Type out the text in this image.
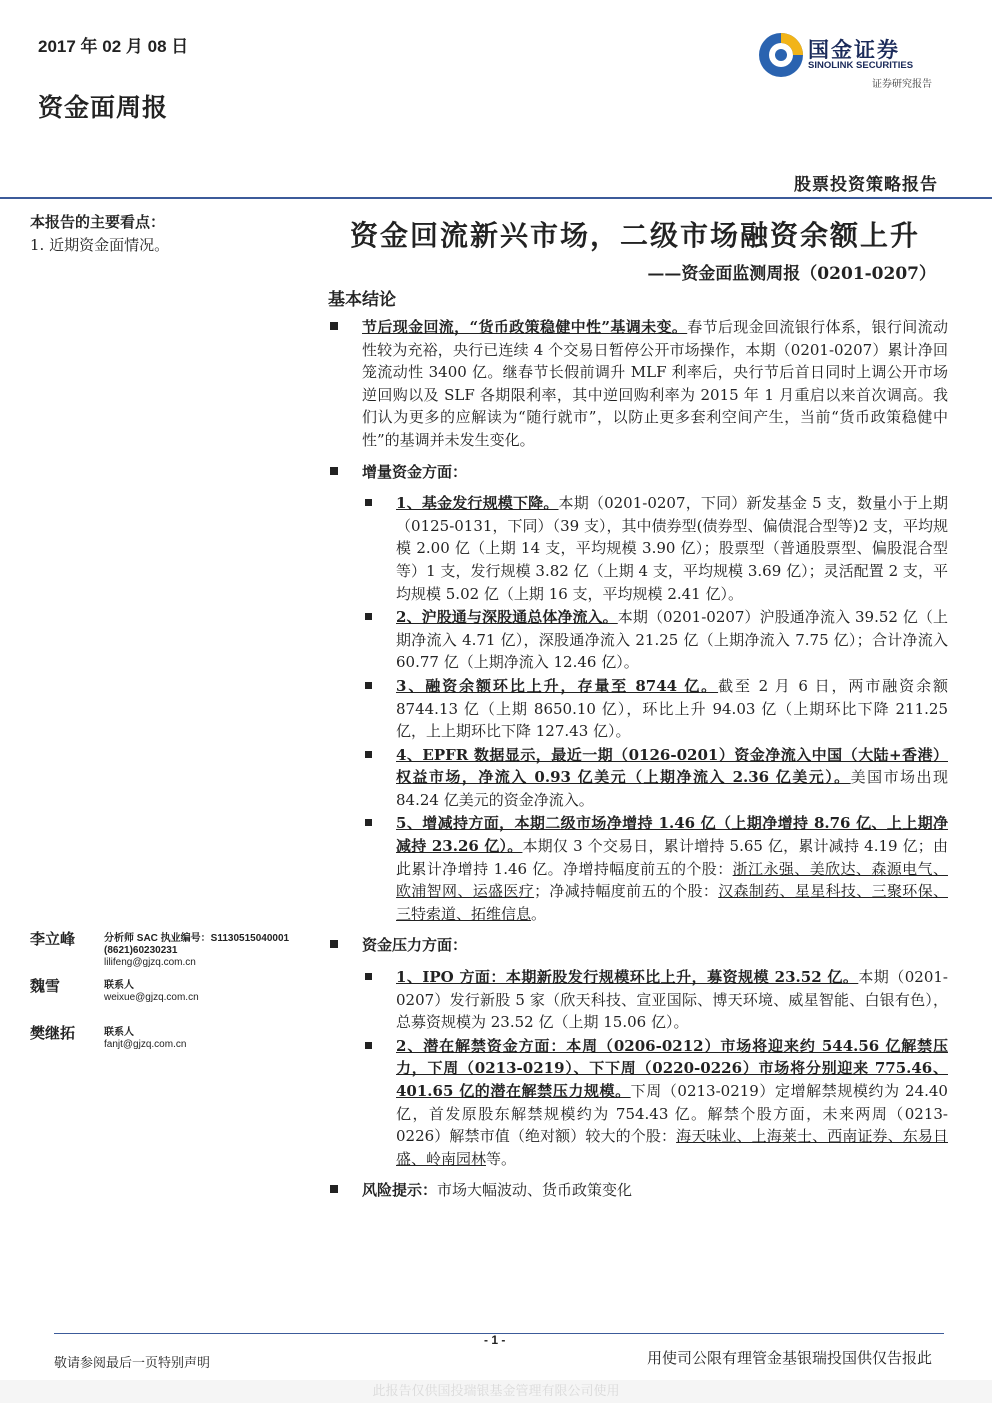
2017 年 02 月 08 日
资金面周报
国金证券
SINOLINK SECURITIES
证券研究报告
股票投资策略报告
本报告的主要看点：
1. 近期资金面情况。	资金回流新兴市场，二级市场融资余额上升
——资金面监测周报（0201-0207）
基本结论
节后现金回流，“货币政策稳健中性”基调未变。春节后现金回流银行体系，银行间流动性较为充裕，央行已连续 4 个交易日暂停公开市场操作，本期（0201-0207）累计净回笼流动性 3400 亿。继春节长假前调升 MLF 利率后，央行节后首日同时上调公开市场逆回购以及 SLF 各期限利率，其中逆回购利率为 2015 年 1 月重启以来首次调高。我们认为更多的应解读为“随行就市”，以防止更多套利空间产生，当前“货币政策稳健中性”的基调并未发生变化。
增量资金方面：
1、基金发行规模下降。本期（0201-0207，下同）新发基金 5 支，数量小于上期（0125-0131，下同）（39 支），其中债券型(债券型、偏债混合型等)2 支，平均规模 2.00 亿（上期 14 支，平均规模 3.90 亿）；股票型（普通股票型、偏股混合型等）1 支，发行规模 3.82 亿（上期 4 支，平均规模 3.69 亿）；灵活配置 2 支，平均规模 5.02 亿（上期 16 支，平均规模 2.41 亿）。
2、沪股通与深股通总体净流入。本期（0201-0207）沪股通净流入 39.52 亿（上期净流入 4.71 亿），深股通净流入 21.25 亿（上期净流入 7.75 亿）；合计净流入 60.77 亿（上期净流入 12.46 亿）。
3、融资余额环比上升，存量至 8744 亿。截至 2 月 6 日，两市融资余额 8744.13 亿（上期 8650.10 亿），环比上升 94.03 亿（上期环比下降 211.25 亿，上上期环比下降 127.43 亿）。
4、EPFR 数据显示，最近一期（0126-0201）资金净流入中国（大陆+香港）权益市场，净流入 0.93 亿美元（上期净流入 2.36 亿美元）。美国市场出现 84.24 亿美元的资金净流入。
5、增减持方面，本期二级市场净增持 1.46 亿（上期净增持 8.76 亿、上上期净减持 23.26 亿）。本期仅 3 个交易日，累计增持 5.65 亿，累计减持 4.19 亿；由此累计净增持 1.46 亿。净增持幅度前五的个股：浙江永强、美欣达、森源电气、欧浦智网、运盛医疗；净减持幅度前五的个股：汉森制药、星星科技、三聚环保、三特索道、拓维信息。
资金压力方面：
1、IPO 方面：本期新股发行规模环比上升，募资规模 23.52 亿。本期（0201-0207）发行新股 5 家（欣天科技、宣亚国际、博天环境、威星智能、白银有色），总募资规模为 23.52 亿（上期 15.06 亿）。
2、潜在解禁资金方面：本周（0206-0212）市场将迎来约 544.56 亿解禁压力，下周（0213-0219）、下下周（0220-0226）市场将分别迎来 775.46、401.65 亿的潜在解禁压力规模。下周（0213-0219）定增解禁规模约为 24.40 亿，首发原股东解禁规模约为 754.43 亿。解禁个股方面，未来两周（0213-0226）解禁市值（绝对额）较大的个股：海天味业、上海莱士、西南证券、东易日盛、岭南园林等。
风险提示：市场大幅波动、货币政策变化
李立峰	分析师 SAC 执业编号：S1130515040001
(8621)60230231
lilifeng@gjzq.com.cn
魏雪	联系人
weixue@gjzq.com.cn
樊继拓	联系人
fanjt@gjzq.com.cn
- 1 -
敬请参阅最后一页特别声明	用使司公限有理管金基银瑞投国供仅告报此
此报告仅供国投瑞银基金管理有限公司使用
